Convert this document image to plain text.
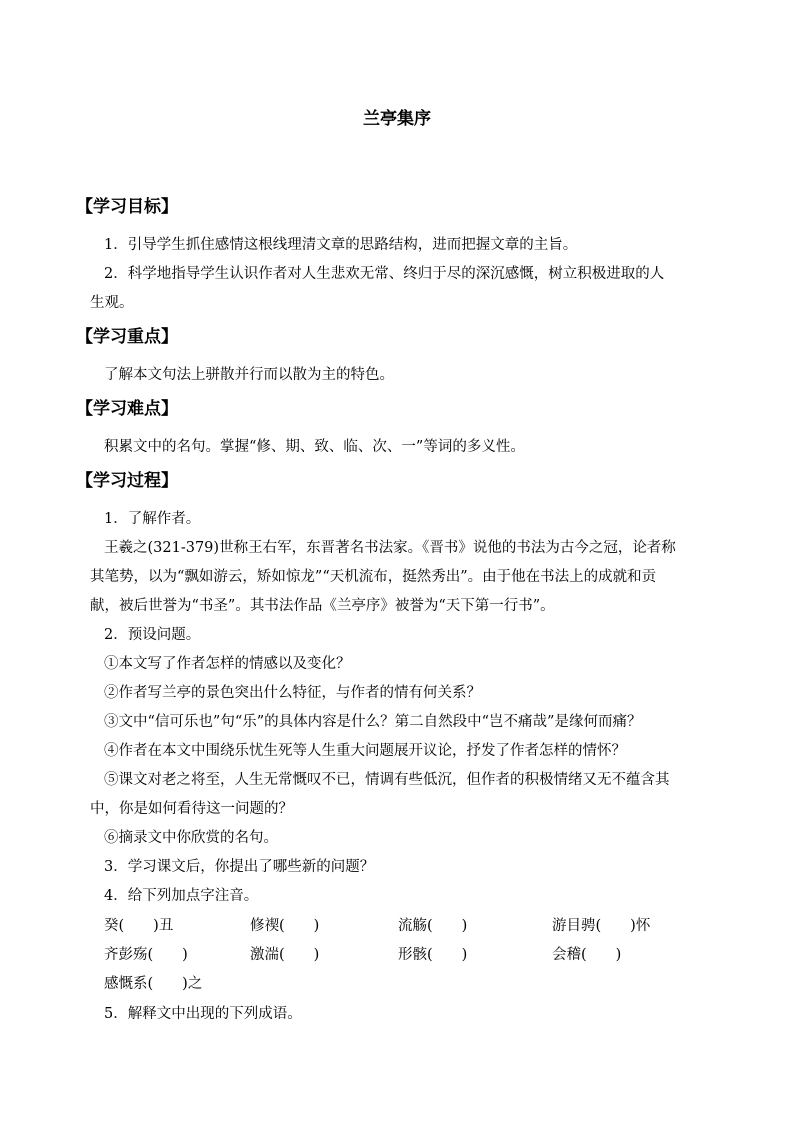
兰亭集序
【学习目标】
1．引导学生抓住感情这根线理清文章的思路结构，进而把握文章的主旨。
2．科学地指导学生认识作者对人生悲欢无常、终归于尽的深沉感慨，树立积极进取的人
生观。
【学习重点】
了解本文句法上骈散并行而以散为主的特色。
【学习难点】
积累文中的名句。掌握“修、期、致、临、次、一”等词的多义性。
【学习过程】
1．了解作者。
王羲之(321-379)世称王右军，东晋著名书法家。《晋书》说他的书法为古今之冠，论者称
其笔势，以为“飘如游云，矫如惊龙”“天机流布，挺然秀出”。由于他在书法上的成就和贡
献，被后世誉为“书圣”。其书法作品《兰亭序》被誉为“天下第一行书”。
2．预设问题。
①本文写了作者怎样的情感以及变化？
②作者写兰亭的景色突出什么特征，与作者的情有何关系？
③文中“信可乐也”句“乐”的具体内容是什么？第二自然段中“岂不痛哉”是缘何而痛？
④作者在本文中围绕乐忧生死等人生重大问题展开议论，抒发了作者怎样的情怀？
⑤课文对老之将至，人生无常慨叹不已，情调有些低沉，但作者的积极情绪又无不蕴含其
中，你是如何看待这一问题的？
⑥摘录文中你欣赏的名句。
3．学习课文后，你提出了哪些新的问题？
4．给下列加点字注音。
癸(　　)丑	修禊(　　)	流觞(　　)	游目骋(　　)怀
齐彭殇(　　)	激湍(　　)	形骸(　　)	会稽(　　)
感慨系(　　)之
5．解释文中出现的下列成语。
